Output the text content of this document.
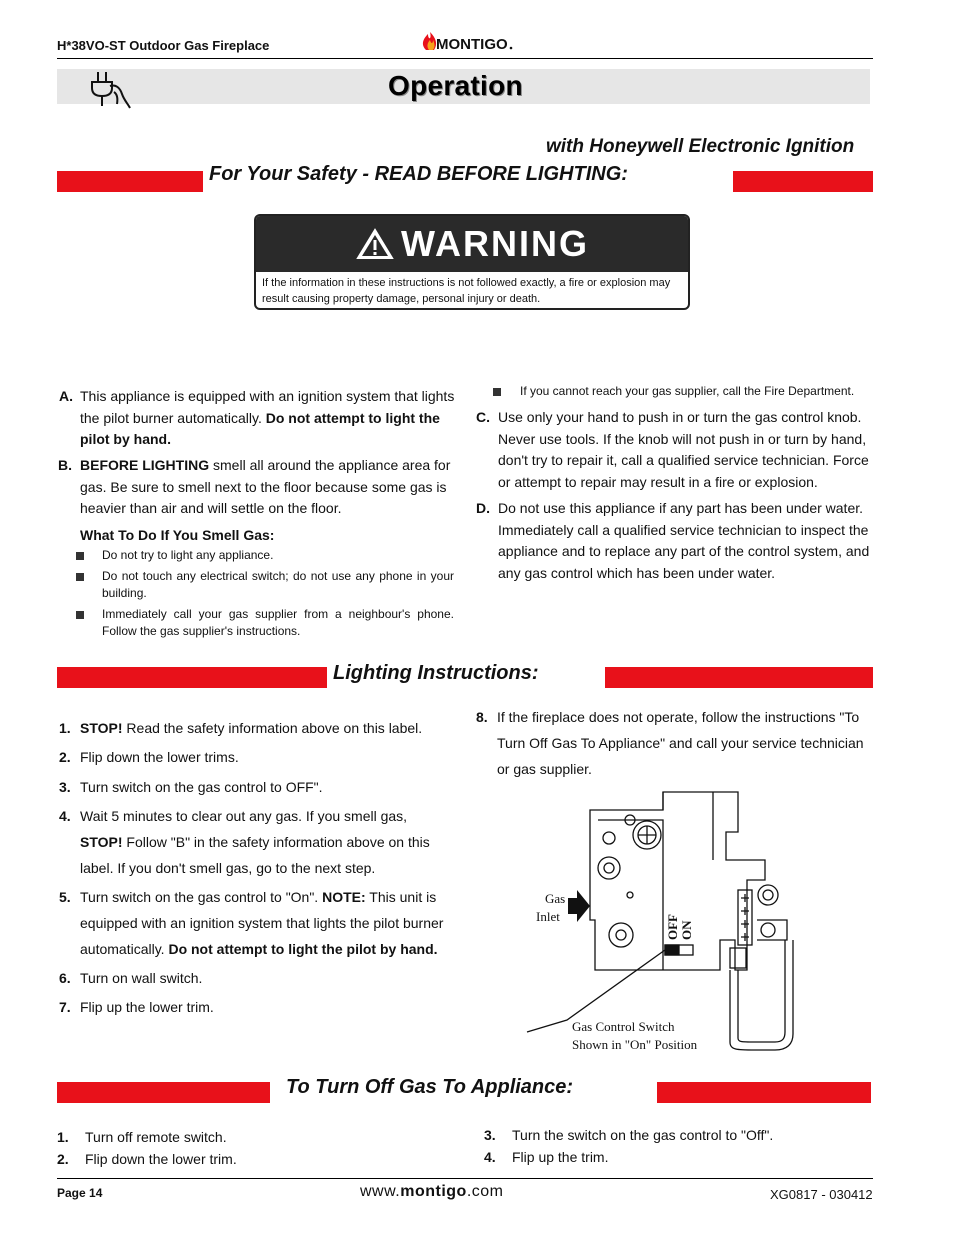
H*38VO-ST Outdoor Gas Fireplace	MONTIGO
Operation
with Honeywell Electronic Ignition
For Your Safety - READ BEFORE LIGHTING:
WARNING
If the information in these instructions is not followed exactly, a fire or explosion may result causing property damage, personal injury or death.
A. This appliance is equipped with an ignition system that lights the pilot burner automatically. Do not attempt to light the pilot by hand.
B. BEFORE LIGHTING smell all around the appliance area for gas. Be sure to smell next to the floor because some gas is heavier than air and will settle on the floor.
What To Do If You Smell Gas:
Do not try to light any appliance.
Do not touch any electrical switch; do not use any phone in your building.
Immediately call your gas supplier from a neighbour's phone. Follow the gas supplier's instructions.
If you cannot reach your gas supplier, call the Fire Department.
C. Use only your hand to push in or turn the gas control knob. Never use tools. If the knob will not push in or turn by hand, don't try to repair it, call a qualified service technician. Force or attempt to repair may result in a fire or explosion.
D. Do not use this appliance if any part has been under water. Immediately call a qualified service technician to inspect the appliance and to replace any part of the control system, and any gas control which has been under water.
Lighting Instructions:
1. STOP! Read the safety information above on this label.
2. Flip down the lower trims.
3. Turn switch on the gas control to OFF".
4. Wait 5 minutes to clear out any gas. If you smell gas,
STOP! Follow "B" in the safety information above on this label. If you don't smell gas, go to the next step.
5. Turn switch on the gas control to "On". NOTE: This unit is equipped with an ignition system that lights the pilot burner automatically. Do not attempt to light the pilot by hand.
6. Turn on wall switch.
7. Flip up the lower trim.
8. If the fireplace does not operate, follow the instructions "To Turn Off Gas To Appliance" and call your service technician or gas supplier.
Gas
Inlet
Gas Control Switch
Shown in "On" Position
OFF ON
To Turn Off Gas To Appliance:
1. Turn off remote switch.
2. Flip down the lower trim.
3. Turn the switch on the gas control to "Off".
4. Flip up the trim.
Page 14	www.montigo.com	XG0817 - 030412
